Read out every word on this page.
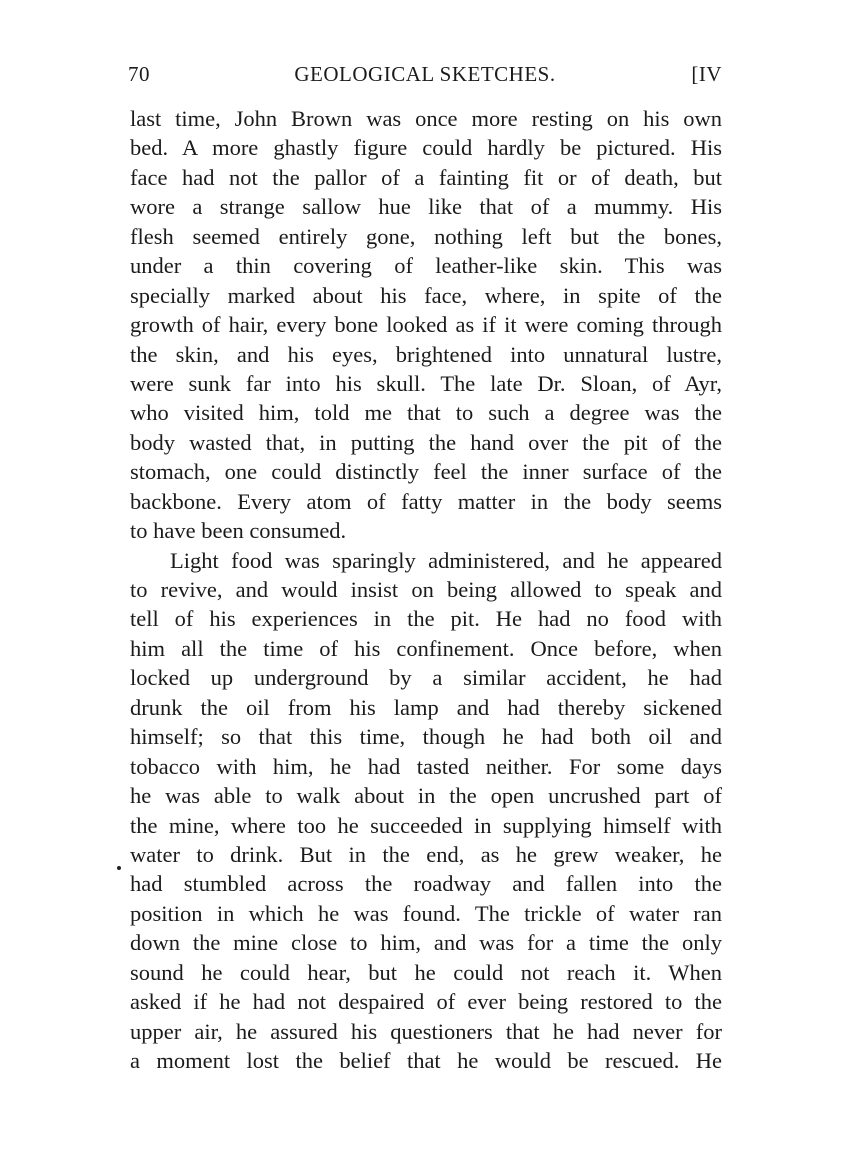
70	GEOLOGICAL SKETCHES.	[IV
last time, John Brown was once more resting on his own
bed. A more ghastly figure could hardly be pictured. His
face had not the pallor of a fainting fit or of death, but
wore a strange sallow hue like that of a mummy. His
flesh seemed entirely gone, nothing left but the bones,
under a thin covering of leather-like skin. This was
specially marked about his face, where, in spite of the
growth of hair, every bone looked as if it were coming through
the skin, and his eyes, brightened into unnatural lustre,
were sunk far into his skull. The late Dr. Sloan, of Ayr,
who visited him, told me that to such a degree was the
body wasted that, in putting the hand over the pit of the
stomach, one could distinctly feel the inner surface of the
backbone. Every atom of fatty matter in the body seems
to have been consumed.
Light food was sparingly administered, and he appeared
to revive, and would insist on being allowed to speak and
tell of his experiences in the pit. He had no food with
him all the time of his confinement. Once before, when
locked up underground by a similar accident, he had
drunk the oil from his lamp and had thereby sickened
himself; so that this time, though he had both oil and
tobacco with him, he had tasted neither. For some days
he was able to walk about in the open uncrushed part of
the mine, where too he succeeded in supplying himself with
water to drink. But in the end, as he grew weaker, he
had stumbled across the roadway and fallen into the
position in which he was found. The trickle of water ran
down the mine close to him, and was for a time the only
sound he could hear, but he could not reach it. When
asked if he had not despaired of ever being restored to the
upper air, he assured his questioners that he had never for
a moment lost the belief that he would be rescued. He
